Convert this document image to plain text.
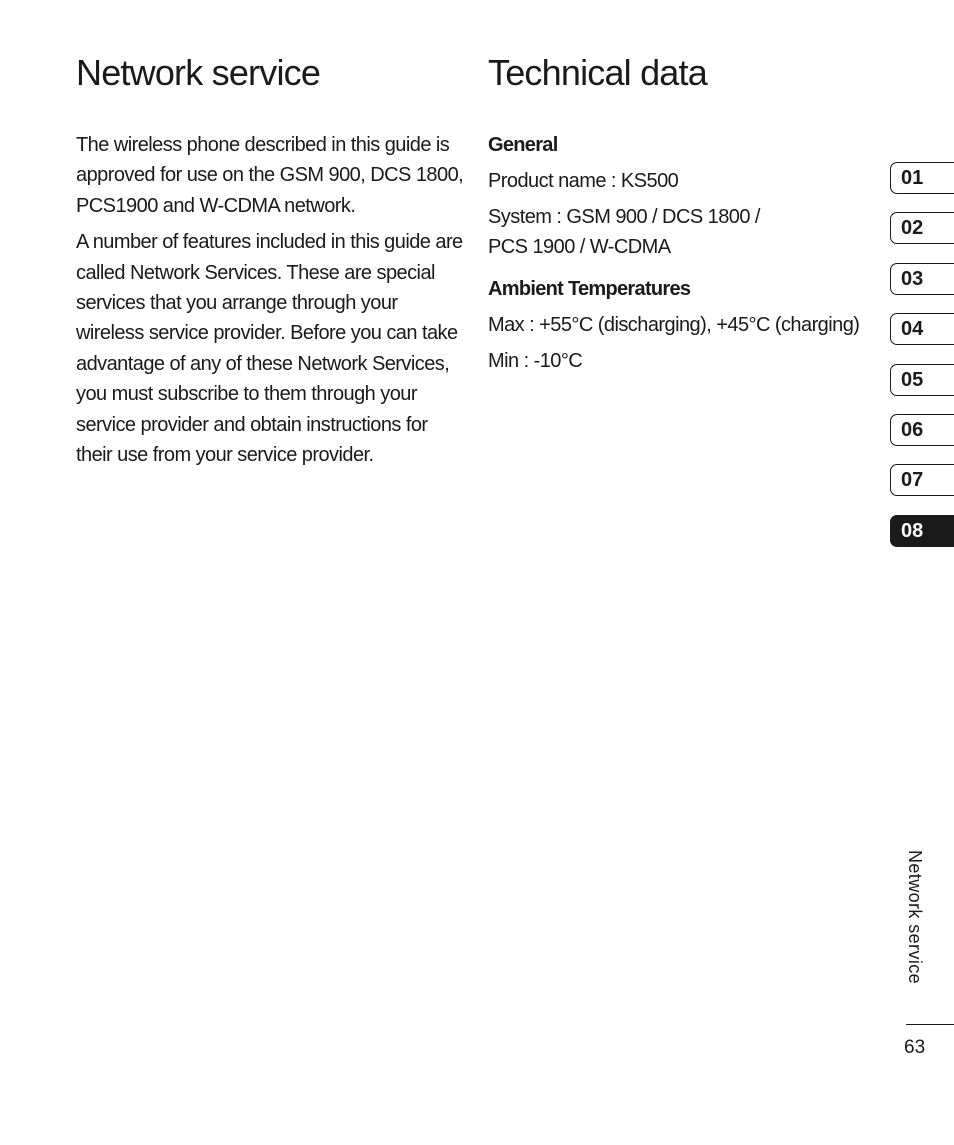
Network service	Technical data

The wireless phone described in this guide is approved for use on the GSM 900, DCS 1800, PCS1900 and W-CDMA network.

A number of features included in this guide are called Network Services. These are special services that you arrange through your wireless service provider. Before you can take advantage of any of these Network Services, you must subscribe to them through your service provider and obtain instructions for their use from your service provider.

General
Product name : KS500
System : GSM 900 / DCS 1800 /
PCS 1900 / W-CDMA
Ambient Temperatures
Max : +55°C (discharging), +45°C (charging)
Min : -10°C
01
02
03
04
05
06
07
08
Network service
63
